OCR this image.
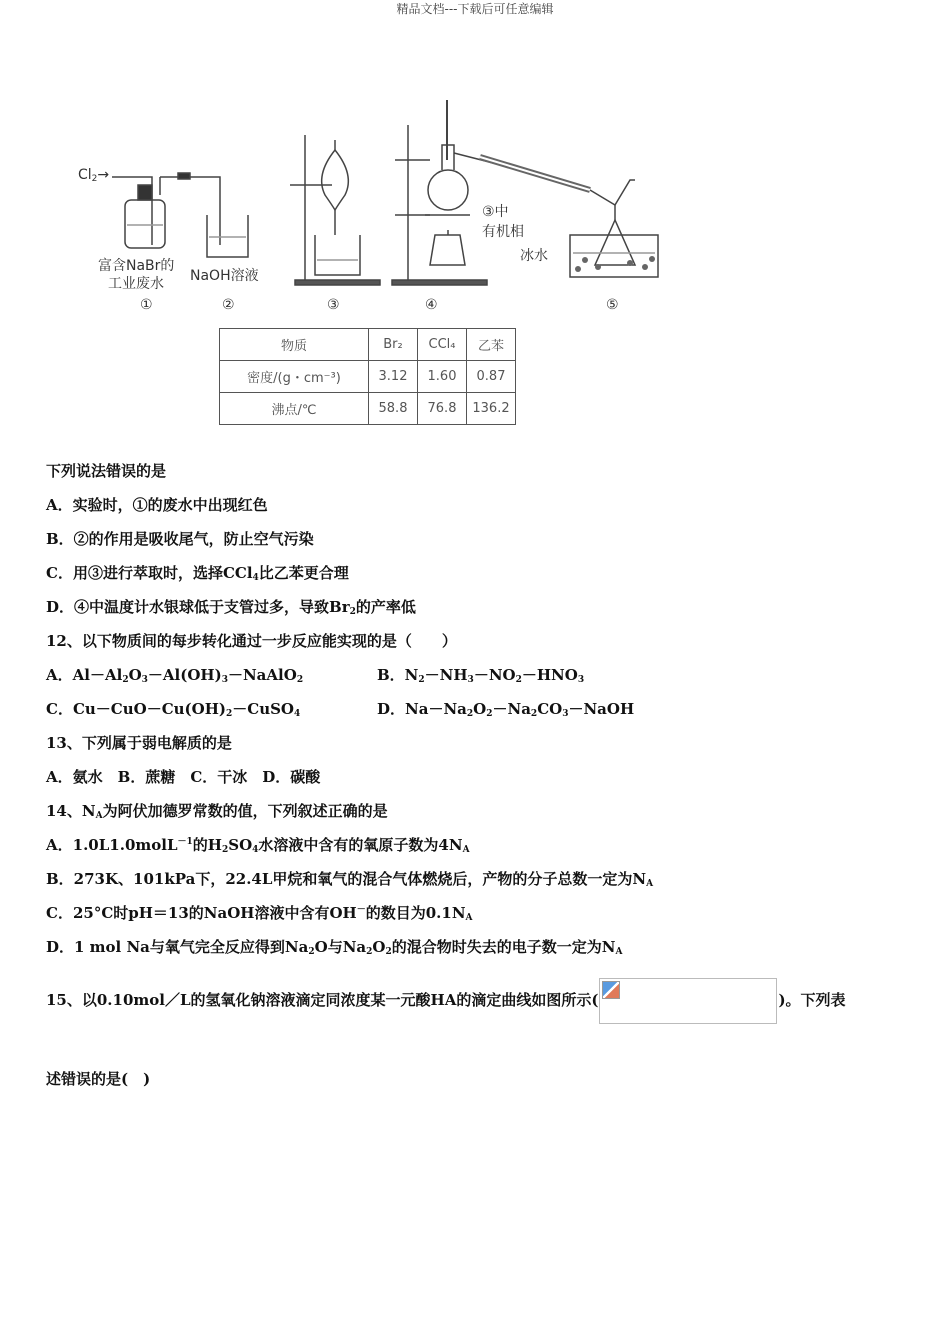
精品文档---下载后可任意编辑
$Cl_2\to$
富含NaBr的
工业废水 NaOH溶液
③中
有机相
冰水
①	②	③	④	⑤
物质	Br₂	CCl₄	乙苯
密度/(g・cm⁻³)	3.12	1.60	0.87
沸点/℃	58.8	76.8	136.2
下列说法错误的是
A．实验时，①的废水中出现红色
B．②的作用是吸收尾气，防止空气污染
C．用③进行萃取时，选择CCl$_4$比乙苯更合理
D．④中温度计水银球低于支管过多，导致$Br_2$的产率低
12、以下物质间的每步转化通过一步反应能实现的是（　　）
A．$Al-Al_2O_3-Al(OH)_3-NaAlO_2$	B．$N_2-NH_3-NO_2-HNO_3$
C．$Cu-CuO-Cu(OH)_2-CuSO_4$	D．$Na-Na_2O_2-Na_2CO_3-NaOH$
13、下列属于弱电解质的是
A．氨水　B．蔗糖　C．干冰　D．碳酸
14、$N_A$为阿伏加德罗常数的值，下列叙述正确的是
A．1.0L1.0molL$^{-1}$的$H_2SO_4$水溶液中含有的氧原子数为$4N_A$
B．273K、101kPa下，22.4L甲烷和氧气的混合气体燃烧后，产物的分子总数一定为$N_A$
C．25°C时pH＝13的NaOH溶液中含有OH－的数目为$0.1N_A$
D．1 mol Na与氧气完全反应得到$Na_2O$与$Na_2O_2$的混合物时失去的电子数一定为$N_A$
15、以0.10mol／L的氢氧化钠溶液滴定同浓度某一元酸HA的滴定曲线如图所示(	)。下列表
述错误的是(　)
